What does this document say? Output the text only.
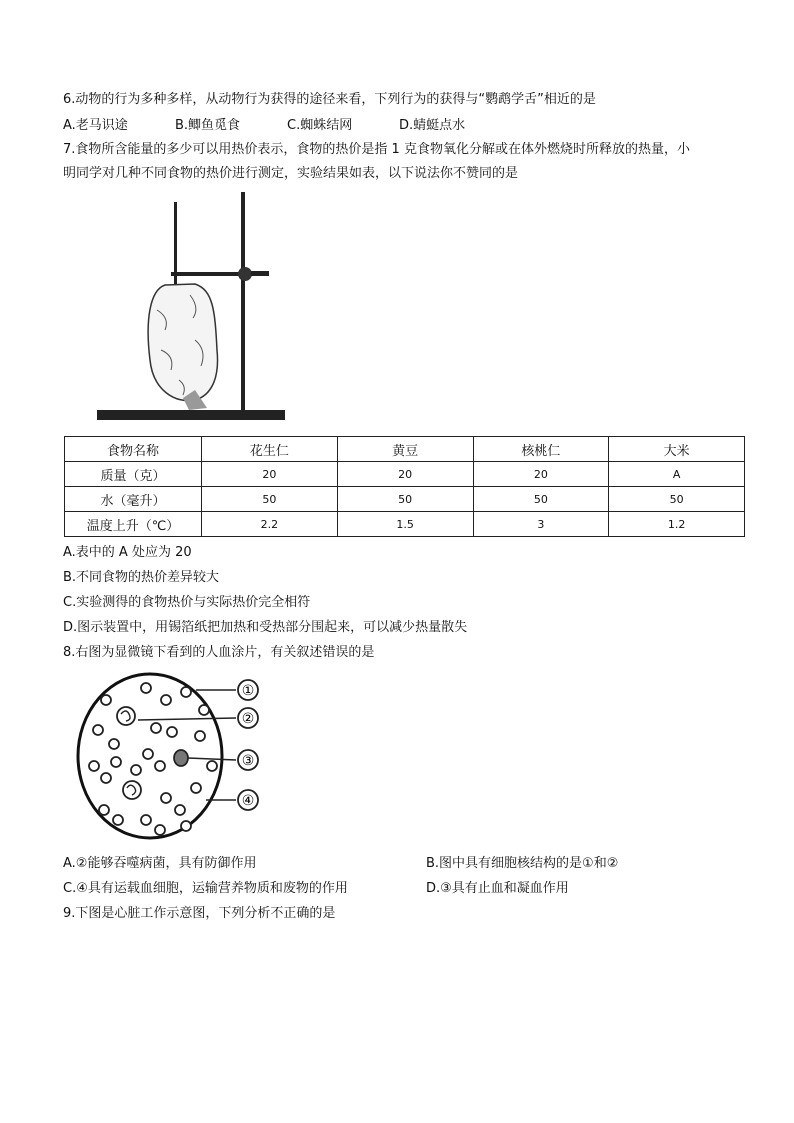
6.动物的行为多种多样，从动物行为获得的途径来看，下列行为的获得与“鹦鹉学舌”相近的是
A.老马识途	B.鲫鱼觅食	C.蜘蛛结网	D.蜻蜓点水
7.食物所含能量的多少可以用热价表示，食物的热价是指 1 克食物氧化分解或在体外燃烧时所释放的热量，小
明同学对几种不同食物的热价进行测定，实验结果如表，以下说法你不赞同的是
食物名称	花生仁	黄豆	核桃仁	大米
质量（克）	20	20	20	A
水（毫升）	50	50	50	50
温度上升（℃）	2.2	1.5	3	1.2
A.表中的 A 处应为 20
B.不同食物的热价差异较大
C.实验测得的食物热价与实际热价完全相符
D.图示装置中，用锡箔纸把加热和受热部分围起来，可以减少热量散失
8.右图为显微镜下看到的人血涂片，有关叙述错误的是
①
②
③
④
A.②能够吞噬病菌，具有防御作用	B.图中具有细胞核结构的是①和②
C.④具有运载血细胞，运输营养物质和废物的作用	D.③具有止血和凝血作用
9.下图是心脏工作示意图，下列分析不正确的是
